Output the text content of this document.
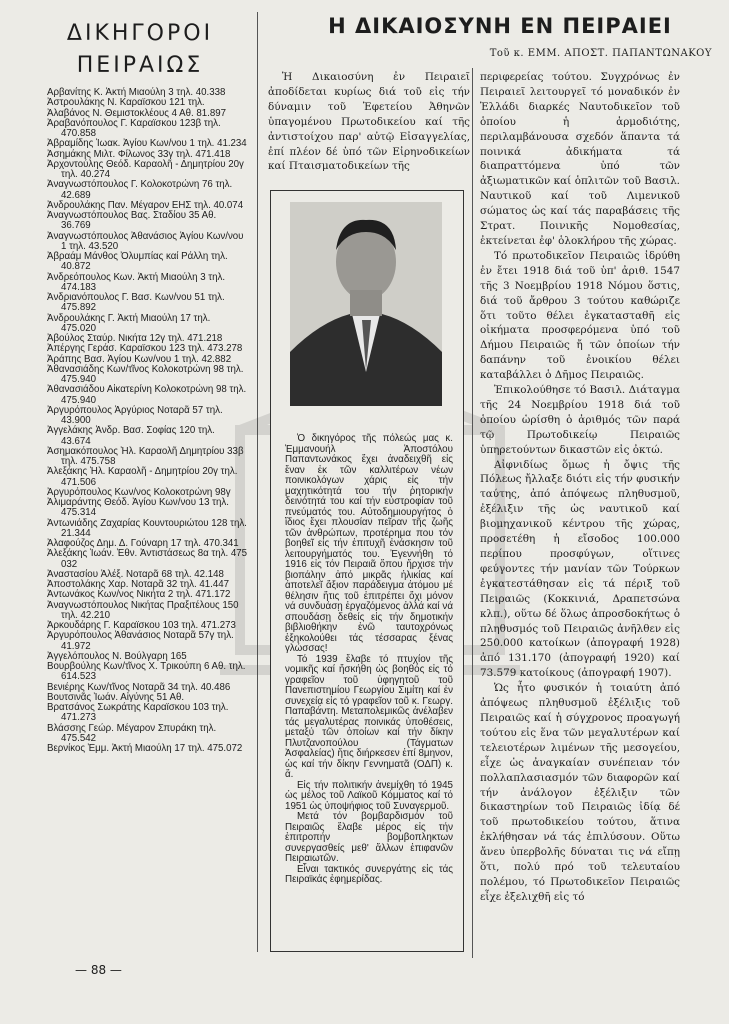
ΔΙΚΗΓΟΡΟΙ
ΠΕΙΡΑΙΩΣ
Αρβανίτης Κ. Ἀκτή Μιαούλη 3 τηλ. 40.338
Ἀστρουλάκης Ν. Καραϊσκου 121 τηλ.
Ἀλαβάνος Ν. Θεμιστοκλέους 4 Αθ. 81.897
Ἀραβανόπουλος Γ. Καραϊσκου 123β τηλ. 470.858
Ἀβραμίδης Ἰωακ. Ἀγίου Κων/νου 1 τηλ. 41.234
Ἀσημάκης Μιλτ. Φίλωνος 33γ τηλ. 471.418
Ἀρχοντούλης Θεόδ. Καραολῆ - Δημητρίου 20γ τηλ. 40.274
Ἀναγνωστόπουλος Γ. Κολοκοτρώνη 76 τηλ. 42.689
Ἀνδρουλάκης Παν. Μέγαρον ΕΗΣ τηλ. 40.074
Ἀναγνωστόπουλος Βας. Σταδίου 35 Αθ. 36.769
Ἀναγνωστόπουλος Ἀθανάσιος Ἀγίου Κων/νου 1 τηλ. 43.520
Ἀβραάμ Μάνθος Ὀλυμπίας καί Ράλλη τηλ. 40.872
Ἀνδρεόπουλος Κων. Ἀκτή Μιαούλη 3 τηλ. 474.183
Ἀνδριανόπουλος Γ. Βασ. Κων/νου 51 τηλ. 475.892
Ἀνδρουλάκης Γ. Ἀκτή Μιαούλη 17 τηλ. 475.020
Ἀβούλος Σταύρ. Νικήτα 12γ τηλ. 471.218
Ἀπέργης Γεράσ. Καραϊσκου 123 τηλ. 473.278
Ἀράπης Βασ. Ἀγίου Κων/νου 1 τηλ. 42.882
Ἀθανασιάδης Κων/τῖνος Κολοκοτρώνη 98 τηλ. 475.940
Ἀθανασιάδου Αἰκατερίνη Κολοκοτρώνη 98 τηλ. 475.940
Ἀργυρόπουλος Ἀργύριος Νοταρᾶ 57 τηλ. 43.900
Ἀγγελάκης Ἀνδρ. Βασ. Σοφίας 120 τηλ. 43.674
Ἀσημακόπουλος Ἠλ. Καραολῆ Δημητρίου 33β τηλ. 475.758
Ἀλεξάκης Ἠλ. Καραολῆ - Δημητρίου 20γ τηλ. 471.506
Ἀργυρόπουλος Κων/νος Κολοκοτρώνη 98γ
Ἀλιμαράντης Θεόδ. Ἀγίου Κων/νου 13 τηλ. 475.314
Ἀντωνιάδης Ζαχαρίας Κουντουριώτου 128 τηλ. 21.344
Ἀλαφούζος Δημ. Δ. Γούναρη 17 τηλ. 470.341
Ἀλεξάκης Ἰωάν. Ἐθν. Ἀντιστάσεως 8α τηλ. 475 032
Ἀναστασίου Ἀλέξ. Νοταρᾶ 68 τηλ. 42.148
Ἀποστολάκης Χαρ. Νοταρᾶ 32 τηλ. 41.447
Ἀντωνάκος Κων/νος Νικήτα 2 τηλ. 471.172
Ἀναγνωστόπουλος Νικήτας Πραξιτέλους 150 τηλ. 42.210
Ἀρκουδάρης Γ. Καραϊσκου 103 τηλ. 471.273
Ἀργυρόπουλος Ἀθανάσιος Νοταρᾶ 57γ τηλ. 41.972
Ἀγγελόπουλος Ν. Βούλγαρη 165
Βουρβούλης Κων/τῖνος Χ. Τρικούπη 6 Αθ. τηλ. 614.523
Βενιέρης Κων/τῖνος Νοταρᾶ 34 τηλ. 40.486
Βουτσινᾶς Ἰωάν. Αἰγύνης 51 Αθ.
Βρατσάνος Σωκράτης Καραϊσκου 103 τηλ. 471.273
Βλάσσης Γεώρ. Μέγαρον Σπυράκη τηλ. 475.542
Βερνίκος Ἐμμ. Ἀκτή Μιαούλη 17 τηλ. 475.072
— 88 —
Η ΔΙΚΑΙΟΣΥΝΗ ΕΝ ΠΕΙΡΑΙΕΙ
Τοῦ κ. ΕΜΜ. ΑΠΟΣΤ. ΠΑΠΑΝΤΩΝΑΚΟΥ

Ἡ Δικαιοσύνη ἐν Πειραιεῖ ἀποδίδεται κυρίως διά τοῦ εἰς τήν δύναμιν τοῦ Ἐφετείου Ἀθηνῶν ὑπαγομένου Πρωτοδικείου καί τῆς ἀντιστοίχου παρ' αὐτῷ Εἰσαγγελίας, ἐπί πλέον δέ ὑπό τῶν Εἰρηνοδικείων καί Πταισματοδικείων τῆς

Ὁ δικηγόρος τῆς πόλεώς μας κ. Ἐμμανουήλ Ἀποστόλου Παπαντωνάκος ἔχει ἀναδειχθῆ εἰς ἕναν ἐκ τῶν καλλιτέρων νέων ποινικολόγων χάρις εἰς τήν μαχητικότητά του τήν ῥητορικήν δεινότητά του καί τήν εὐστροφίαν τοῦ πνεύματός του. Αὐτοδημιουργήτος ὁ ἴδιος ἔχει πλουσίαν πεῖραν τῆς ζωῆς τῶν ἀνθρώπων, προτέρημα που τόν βοηθεῖ εἰς τήν ἐπιτυχῆ ἐνάσκησιν τοῦ λειτουργήματός του. Ἐγεννήθη τό 1916 εἰς τόν Πειραιᾶ ὅπου ἤρχισε τήν βιοπάλην ἀπό μικρᾶς ἡλικίας καί ἀποτελεῖ ἄξιον παράδειγμα ἀτόμου μέ θέλησιν ἥτις τοῦ ἐπιτρέπει ὄχι μόνον νά συνδυάσῃ ἐργαζόμενος ἀλλά καί νά σπουδάσῃ δεθείς εἰς τήν δημοτικήν βιβλιοθήκην ἐνῶ ταυτοχρόνως ἐξηκολούθει τάς τέσσαρας ξένας γλώσσας!

Τό 1939 ἔλαβε τό πτυχίον τῆς νομικῆς καί ἤσκήθη ὡς βοηθός εἰς τό γραφεῖον τοῦ ὑφηγητοῦ τοῦ Πανεπιστημίου Γεωργίου Σιμίτη καί ἐν συνεχείᾳ εἰς τό γραφεῖον τοῦ κ. Γεωργ. Παπαβάντη. Μεταπολεμικῶς ἀνέλαβεν τάς μεγαλυτέρας ποινικάς ὑποθέσεις, μεταξύ τῶν ὁποίων καί τήν δίκην Πλυτζανοπούλου (Τάγματων Ἀσφαλείας) ἥτις διήρκεσεν ἐπί 8μηνον, ὡς καί τήν δίκην Γεννηματᾶ (ΟΔΠ) κ. ἄ.

Εἰς τήν πολιτικήν ἀνεμίχθη τό 1945 ὡς μέλος τοῦ Λαϊκοῦ Κόμματος καί τό 1951 ὡς ὑποψήφιος τοῦ Συναγερμοῦ.

Μετά τόν βομβαρδισμόν τοῦ Πειραιῶς ἔλαβε μέρος εἰς τήν ἐπιτροπήν βομβοπληκτων συνεργασθείς μεθ' ἄλλων ἐπιφανῶν Πειραιωτῶν.

Εἶναι τακτικός συνεργάτης εἰς τάς Πειραϊκάς ἐφημερίδας.

περιφερείας τούτου. Συγχρόνως ἐν Πειραιεῖ λειτουργεῖ τό μοναδικόν ἐν Ἑλλάδι διαρκές Ναυτοδικεῖον τοῦ ὁποίου ἡ ἁρμοδιότης, περιλαμβάνουσα σχεδόν ἅπαντα τά ποινικά ἀδικήματα τά διαπραττόμενα ὑπό τῶν ἀξιωματικῶν καί ὁπλιτῶν τοῦ Βασιλ. Ναυτικοῦ καί τοῦ Λιμενικοῦ σώματος ὡς καί τάς παραβάσεις τῆς Στρατ. Ποινικῆς Νομοθεσίας, ἐκτείνεται ἐφ' ὁλοκλήρου τῆς χώρας.

Τό πρωτοδικεῖον Πειραιῶς ἱδρύθη ἐν ἔτει 1918 διά τοῦ ὑπ' ἀριθ. 1547 τῆς 3 Νοεμβρίου 1918 Νόμου ὅστις, διά τοῦ ἄρθρου 3 τούτου καθώριζε ὅτι τοῦτο θέλει ἐγκατασταθῆ εἰς οἰκήματα προσφερόμενα ὑπό τοῦ Δήμου Πειραιῶς ἤ τῶν ὁποίων τήν δαπάνην τοῦ ἐνοικίου θέλει καταβάλλει ὁ Δῆμος Πειραιῶς.

Ἐπικολούθησε τό Βασιλ. Διάταγμα τῆς 24 Νοεμβρίου 1918 διά τοῦ ὁποίου ὡρίσθη ὁ ἀριθμός τῶν παρά τῷ Πρωτοδικείῳ Πειραιῶς ὑπηρετούντων δικαστῶν εἰς ὀκτώ.

Αἰφνιδίως ὅμως ἡ ὄψις τῆς Πόλεως ἤλλαξε διότι εἰς τήν φυσικήν ταύτης, ἀπό ἀπόψεως πληθυσμοῦ, ἐξέλιξιν τῆς ὡς ναυτικοῦ καί βιομηχανικοῦ κέντρου τῆς χώρας, προσετέθη ἡ εἴσοδος 100.000 περίπου προσφύγων, οἵτινες φεύγοντες τήν μανίαν τῶν Τούρκων ἐγκατεστάθησαν εἰς τά πέριξ τοῦ Πειραιῶς (Κοκκινιά, Δραπετσώνα κλπ.), οὕτω δέ ὅλως ἀπροσδοκήτως ὁ πληθυσμός τοῦ Πειραιῶς ἀνῆλθεν εἰς 250.000 κατοίκων (ἀπογραφή 1928) ἀπό 131.170 (ἀπογραφή 1920) καί 73.579 κατοίκους (ἀπογραφή 1907).

Ὡς ἦτο φυσικόν ἡ τοιαύτη ἀπό ἀπόψεως πληθυσμοῦ ἐξέλιξις τοῦ Πειραιῶς καί ἡ σύγχρονος προαγωγή τούτου εἰς ἕνα τῶν μεγαλυτέρων καί τελειοτέρων λιμένων τῆς μεσογείου, εἶχε ὡς ἀναγκαίαν συνέπειαν τόν πολλαπλασιασμόν τῶν διαφορῶν καί τήν ἀνάλογον ἐξέλιξιν τῶν δικαστηρίων τοῦ Πειραιῶς ἰδίᾳ δέ τοῦ πρωτοδικείου τούτου, ἅτινα ἐκλήθησαν νά τάς ἐπιλύσουν. Οὕτω ἄνευ ὑπερβολῆς δύναται τις νά εἴπῃ ὅτι, πολύ πρό τοῦ τελευταίου πολέμου, τό Πρωτοδικεῖον Πειραιῶς εἶχε ἐξελιχθῆ εἰς τό
